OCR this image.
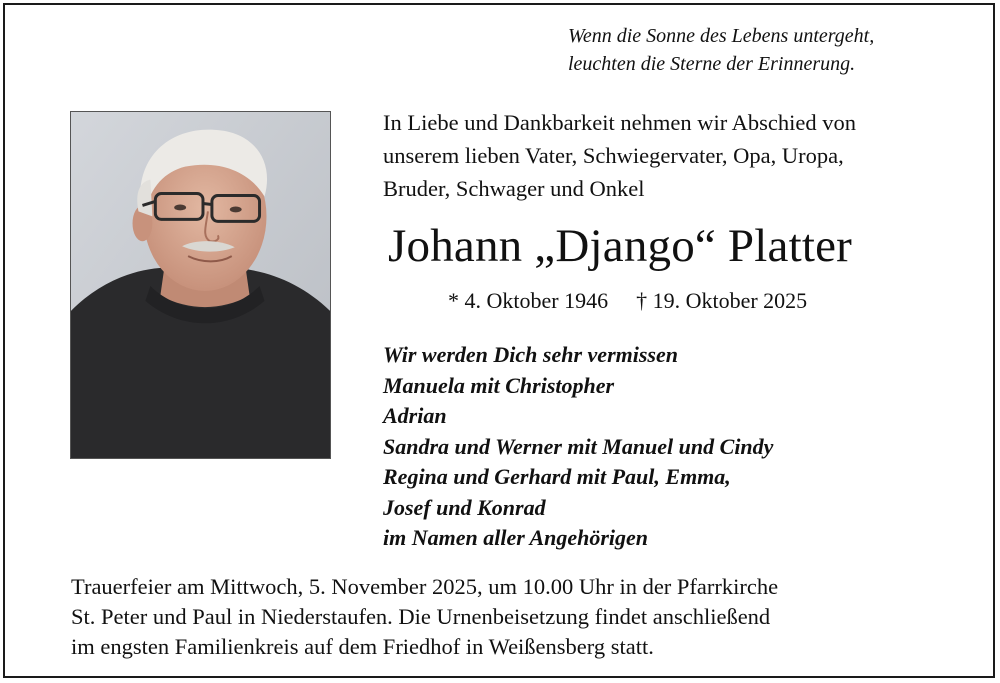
Wenn die Sonne des Lebens untergeht,
leuchten die Sterne der Erinnerung.
In Liebe und Dankbarkeit nehmen wir Abschied von
unserem lieben Vater, Schwiegervater, Opa, Uropa,
Bruder, Schwager und Onkel
Johann „Django“ Platter
* 4. Oktober 1946 † 19. Oktober 2025
Wir werden Dich sehr vermissen
Manuela mit Christopher
Adrian
Sandra und Werner mit Manuel und Cindy
Regina und Gerhard mit Paul, Emma,
Josef und Konrad
im Namen aller Angehörigen
Trauerfeier am Mittwoch, 5. November 2025, um 10.00 Uhr in der Pfarrkirche
St. Peter und Paul in Niederstaufen. Die Urnenbeisetzung findet anschließend
im engsten Familienkreis auf dem Friedhof in Weißensberg statt.
